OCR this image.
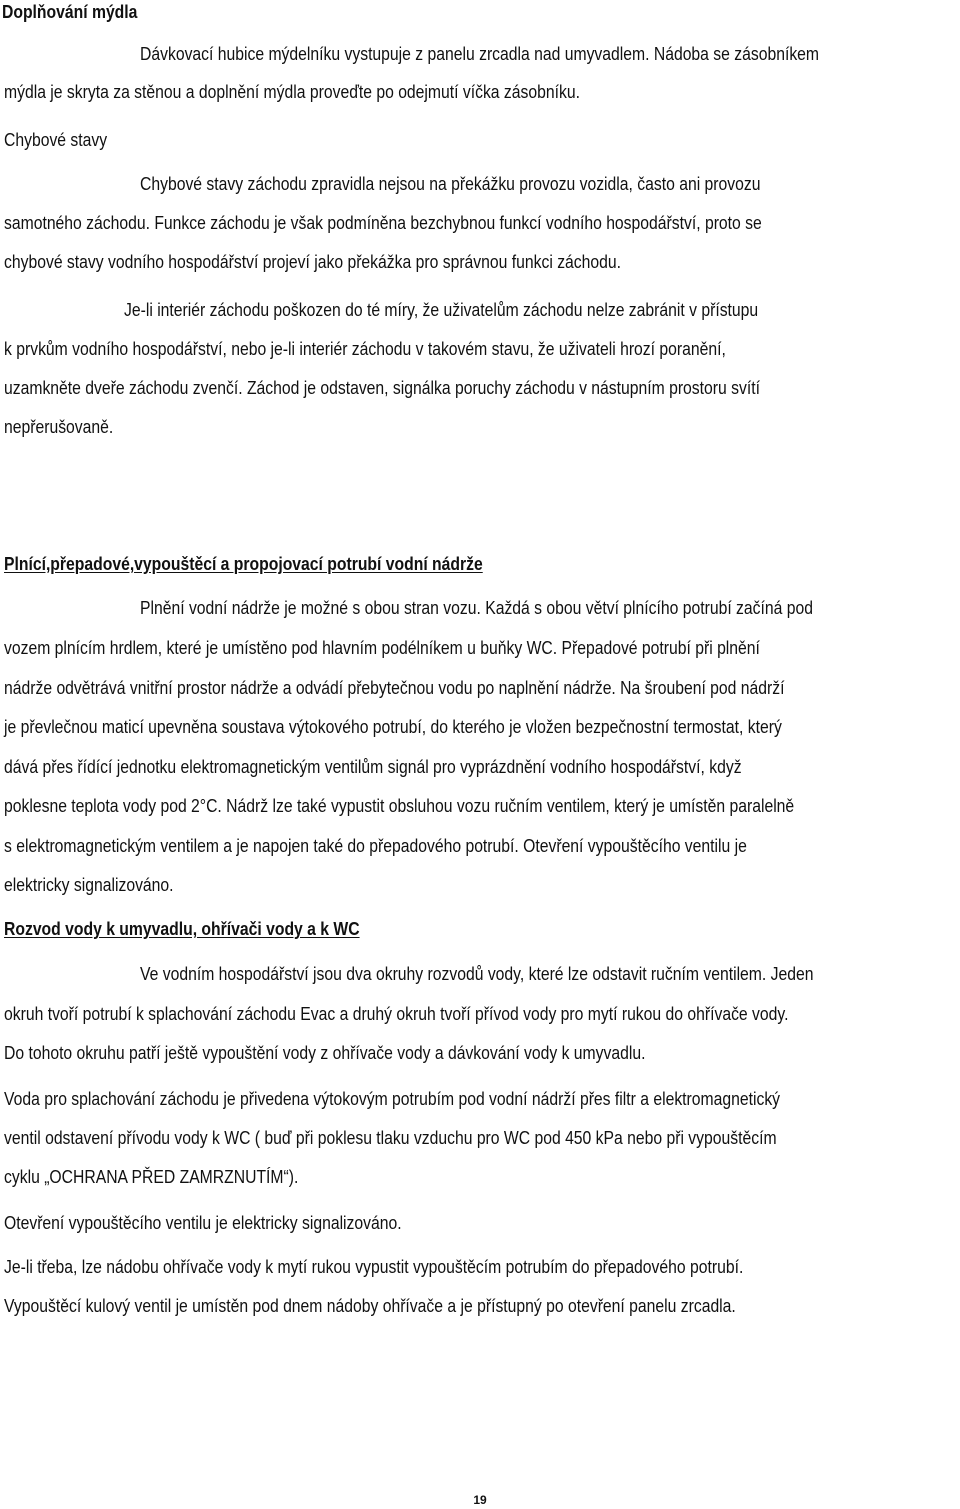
Doplňování mýdla
Dávkovací hubice mýdelníku vystupuje z panelu zrcadla nad umyvadlem. Nádoba se zásobníkem
mýdla je skryta za stěnou a doplnění mýdla proveďte po odejmutí víčka zásobníku.
Chybové stavy
Chybové stavy záchodu zpravidla nejsou na překážku provozu vozidla, často ani provozu
samotného záchodu. Funkce záchodu je však podmíněna bezchybnou funkcí vodního hospodářství, proto se
chybové stavy vodního hospodářství projeví jako překážka pro správnou funkci záchodu.
Je-li interiér záchodu poškozen do té míry, že uživatelům záchodu nelze zabránit v přístupu
k prvkům vodního hospodářství, nebo je-li interiér záchodu v takovém stavu, že uživateli hrozí poranění,
uzamkněte dveře záchodu zvenčí. Záchod je odstaven, signálka poruchy záchodu v nástupním prostoru svítí
nepřerušovaně.
Plnící,přepadové,vypouštěcí a propojovací potrubí vodní nádrže
Plnění vodní nádrže je možné s obou stran vozu. Každá s obou větví plnícího potrubí začíná pod
vozem plnícím hrdlem, které je umístěno pod hlavním podélníkem u buňky WC. Přepadové potrubí při plnění
nádrže odvětrává vnitřní prostor nádrže a odvádí přebytečnou vodu po naplnění nádrže. Na šroubení pod nádrží
je převlečnou maticí upevněna soustava výtokového potrubí, do kterého je vložen bezpečnostní termostat, který
dává přes řídící jednotku elektromagnetickým ventilům signál pro vyprázdnění vodního hospodářství, když
poklesne teplota vody pod 2°C. Nádrž lze také vypustit obsluhou vozu ručním ventilem, který je umístěn paralelně
s elektromagnetickým ventilem a je napojen také do přepadového potrubí. Otevření vypouštěcího ventilu je
elektricky signalizováno.
Rozvod vody k umyvadlu, ohřívači vody a k WC
Ve vodním hospodářství jsou dva okruhy rozvodů vody, které lze odstavit ručním ventilem. Jeden
okruh tvoří potrubí k splachování záchodu Evac a druhý okruh tvoří přívod vody pro mytí rukou do ohřívače vody.
Do tohoto okruhu patří ještě vypouštění vody z ohřívače vody a dávkování vody k umyvadlu.
Voda pro splachování záchodu je přivedena výtokovým potrubím pod vodní nádrží přes filtr a elektromagnetický
ventil odstavení přívodu vody k WC ( buď při poklesu tlaku vzduchu pro WC pod 450 kPa nebo při vypouštěcím
cyklu „OCHRANA PŘED ZAMRZNUTÍM“).
Otevření vypouštěcího ventilu je elektricky signalizováno.
Je-li třeba, lze nádobu ohřívače vody k mytí rukou vypustit vypouštěcím potrubím do přepadového potrubí.
Vypouštěcí kulový ventil je umístěn pod dnem nádoby ohřívače a je přístupný po otevření panelu zrcadla.
19
